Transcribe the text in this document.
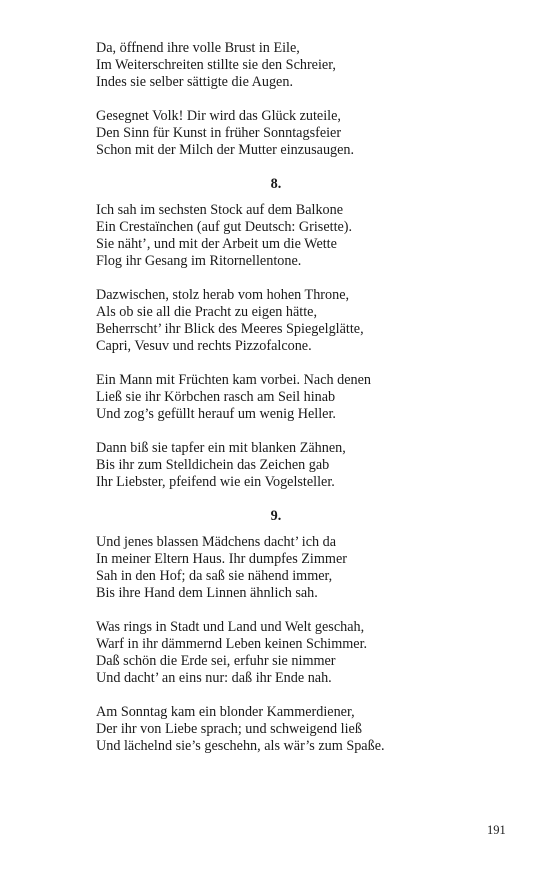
Da, öffnend ihre volle Brust in Eile,
Im Weiterschreiten stillte sie den Schreier,
Indes sie selber sättigte die Augen.
Gesegnet Volk! Dir wird das Glück zuteile,
Den Sinn für Kunst in früher Sonntagsfeier
Schon mit der Milch der Mutter einzusaugen.
8.
Ich sah im sechsten Stock auf dem Balkone
Ein Crestaïnchen (auf gut Deutsch: Grisette).
Sie näht’, und mit der Arbeit um die Wette
Flog ihr Gesang im Ritornellentone.
Dazwischen, stolz herab vom hohen Throne,
Als ob sie all die Pracht zu eigen hätte,
Beherrscht’ ihr Blick des Meeres Spiegelglätte,
Capri, Vesuv und rechts Pizzofalcone.
Ein Mann mit Früchten kam vorbei. Nach denen
Ließ sie ihr Körbchen rasch am Seil hinab
Und zog’s gefüllt herauf um wenig Heller.
Dann biß sie tapfer ein mit blanken Zähnen,
Bis ihr zum Stelldichein das Zeichen gab
Ihr Liebster, pfeifend wie ein Vogelsteller.
9.
Und jenes blassen Mädchens dacht’ ich da
In meiner Eltern Haus. Ihr dumpfes Zimmer
Sah in den Hof; da saß sie nähend immer,
Bis ihre Hand dem Linnen ähnlich sah.
Was rings in Stadt und Land und Welt geschah,
Warf in ihr dämmernd Leben keinen Schimmer.
Daß schön die Erde sei, erfuhr sie nimmer
Und dacht’ an eins nur: daß ihr Ende nah.
Am Sonntag kam ein blonder Kammerdiener,
Der ihr von Liebe sprach; und schweigend ließ
Und lächelnd sie’s geschehn, als wär’s zum Spaße.
191
